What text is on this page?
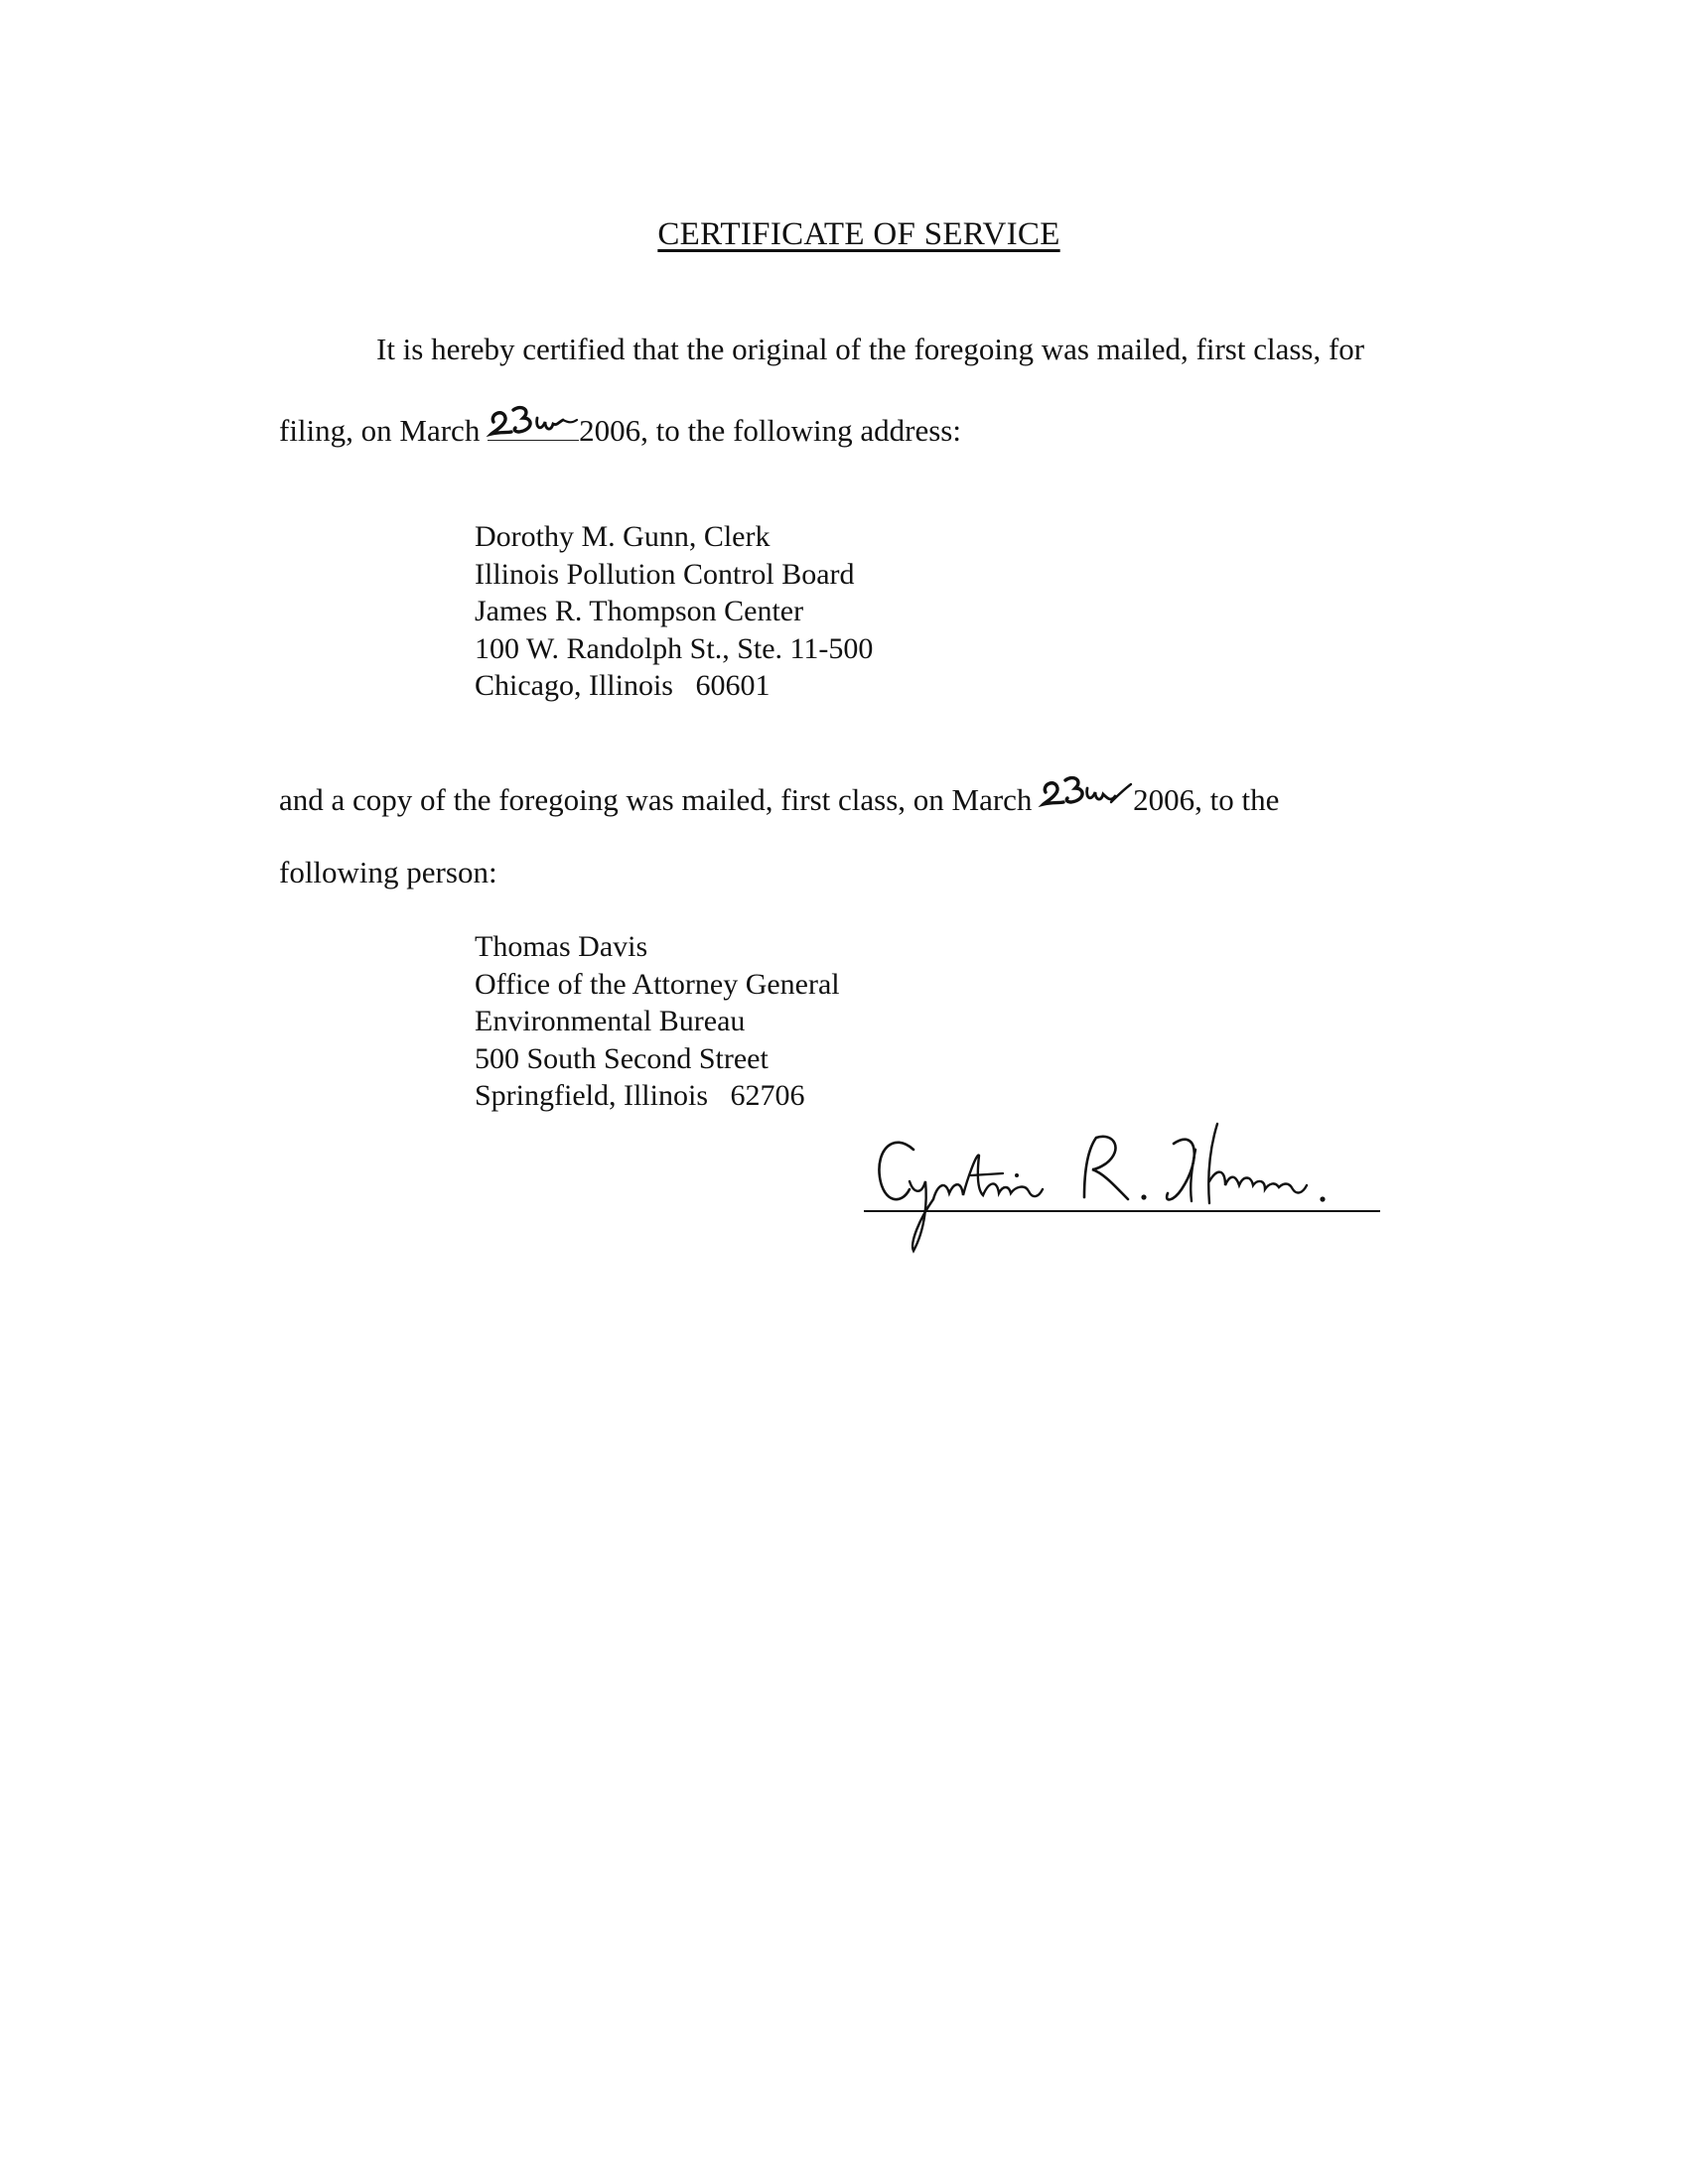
CERTIFICATE OF SERVICE
It is hereby certified that the original of the foregoing was mailed, first class, for
filing, on March	2006, to the following address:
Dorothy M. Gunn, Clerk
Illinois Pollution Control Board
James R. Thompson Center
100 W. Randolph St., Ste. 11-500
Chicago, Illinois   60601
and a copy of the foregoing was mailed, first class, on March	2006, to the
following person:
Thomas Davis
Office of the Attorney General
Environmental Bureau
500 South Second Street
Springfield, Illinois   62706
